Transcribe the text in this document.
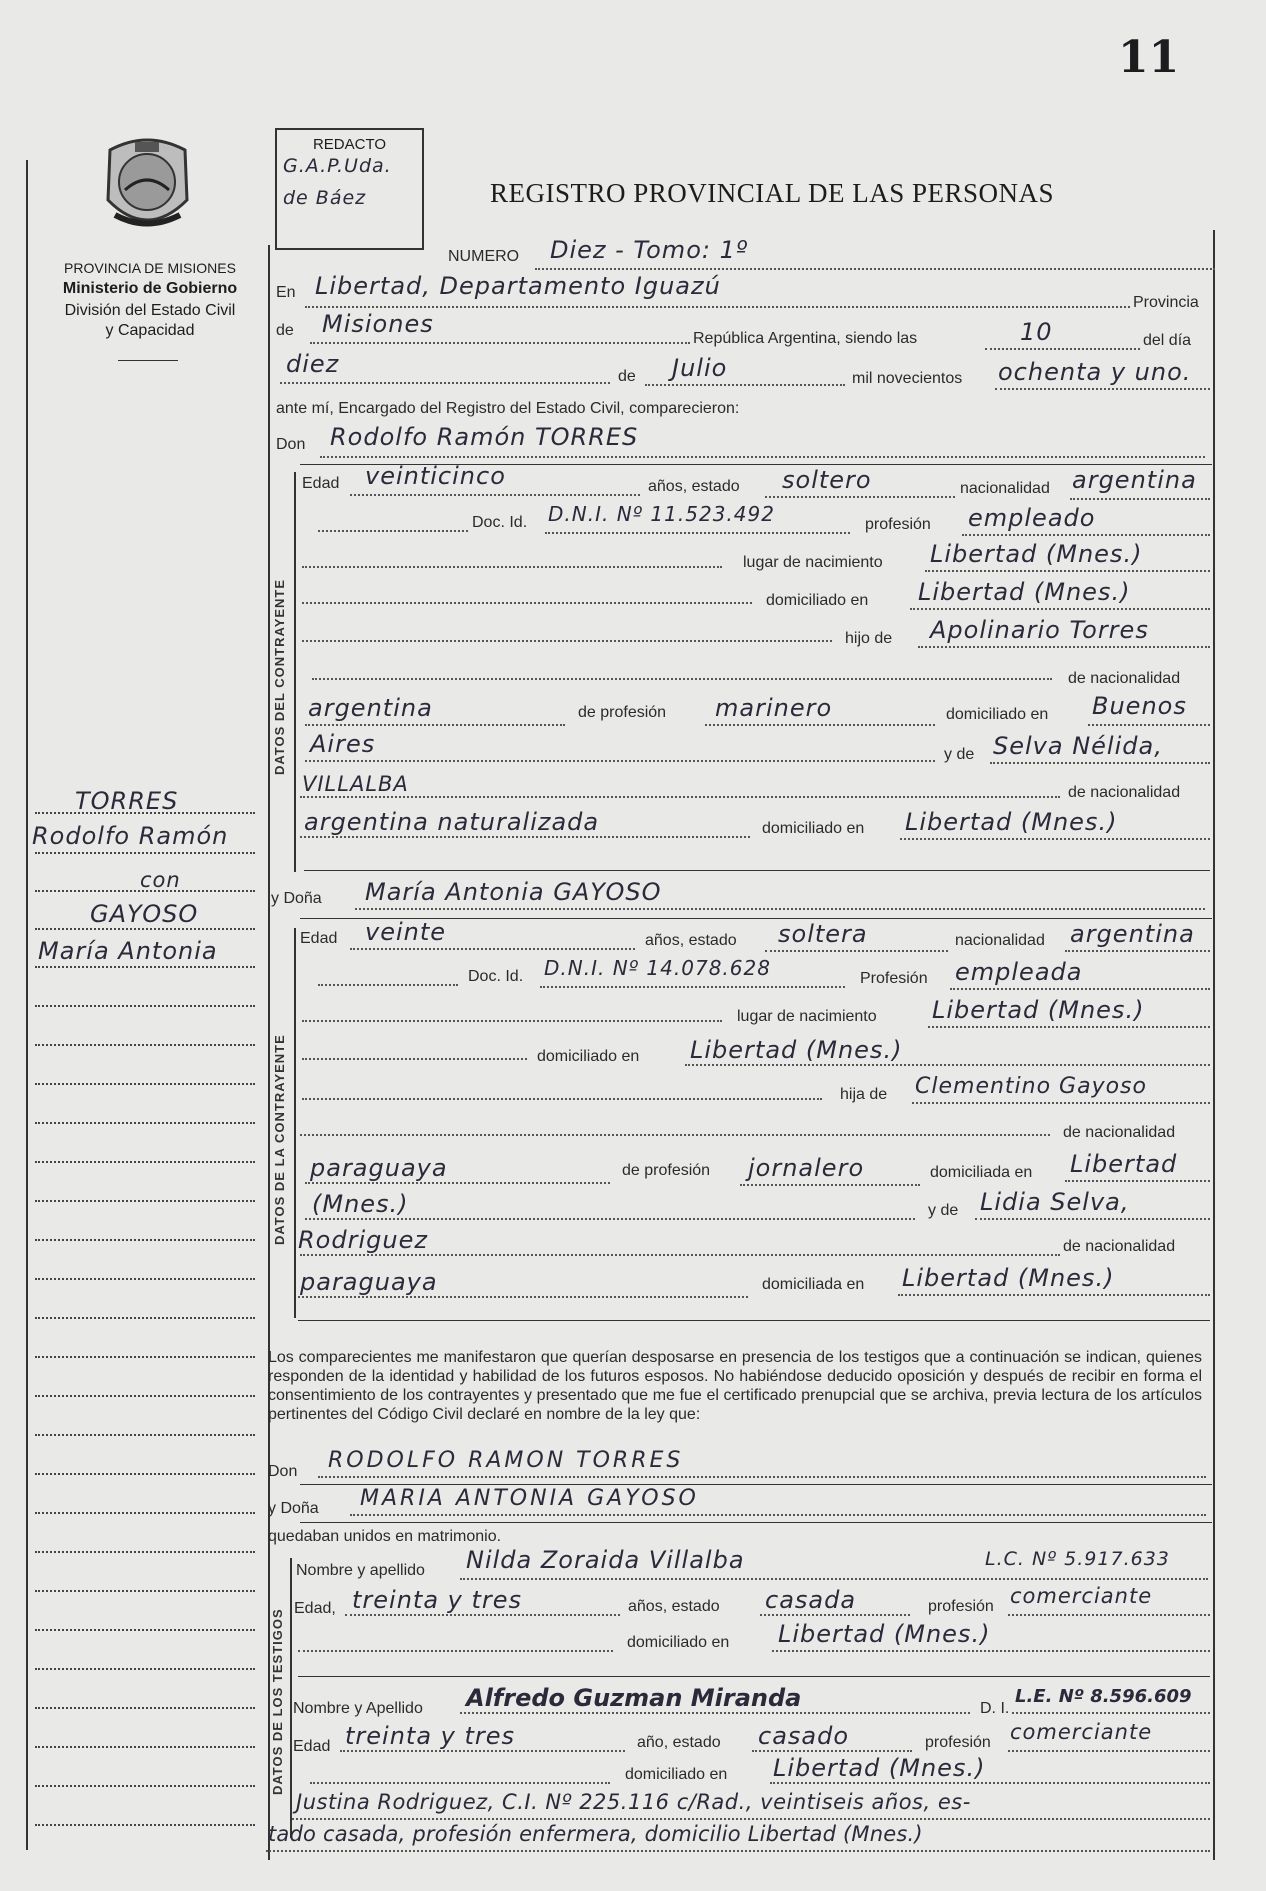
11
PROVINCIA DE MISIONES
Ministerio de Gobierno
División del Estado Civil
y Capacidad
TORRES
Rodolfo Ramón
con
GAYOSO
María Antonia
REDACTO
G.A.P.Uda.
de Báez	REGISTRO PROVINCIAL DE LAS PERSONAS
NUMERO Diez - Tomo: 1º
En Libertad, Departamento Iguazú
Provincia
de Misiones
República Argentina, siendo las	10	del día
diez	de Julio	mil novecientos ochenta y uno.
ante mí, Encargado del Registro del Estado Civil, comparecieron:
Don Rodolfo Ramón TORRES
DATOS DEL CONTRAYENTE
Edad veinticinco	años, estado soltero	nacionalidad argentina
Doc. Id. D.N.I. Nº 11.523.492	profesión empleado
lugar de nacimiento Libertad (Mnes.)
domiciliado en Libertad (Mnes.)
hijo de Apolinario Torres
de nacionalidad
argentina	de profesión marinero	domiciliado en Buenos
Aires	y de Selva Nélida,
VILLALBA	de nacionalidad
argentina naturalizada	domiciliado en Libertad (Mnes.)
y Doña María Antonia GAYOSO
DATOS DE LA CONTRAYENTE
Edad veinte	años, estado soltera	nacionalidad argentina
Doc. Id. D.N.I. Nº 14.078.628	Profesión empleada
lugar de nacimiento Libertad (Mnes.)
domiciliado en Libertad (Mnes.)
hija de Clementino Gayoso
de nacionalidad
paraguaya	de profesión jornalero	domiciliada en Libertad
(Mnes.)	y de Lidia Selva,
Rodriguez	de nacionalidad
paraguaya	domiciliada en Libertad (Mnes.)
Los comparecientes me manifestaron que querían desposarse en presencia de los testigos que a continuación se indican, quienes responden de la identidad y habilidad de los futuros esposos. No habiéndose deducido oposición y después de recibir en forma el consentimiento de los contrayentes y presentado que me fue el certificado prenupcial que se archiva, previa lectura de los artículos pertinentes del Código Civil declaré en nombre de la ley que:
Don RODOLFO RAMON TORRES
y Doña MARIA ANTONIA GAYOSO
quedaban unidos en matrimonio.
DATOS DE LOS TESTIGOS
Nombre y apellido Nilda Zoraida Villalba	L.C. Nº 5.917.633
Edad, treinta y tres	años, estado casada	profesión comerciante
domiciliado en Libertad (Mnes.)
Nombre y Apellido Alfredo Guzman Miranda	D. I.
L.E. Nº 8.596.609
Edad treinta y tres	año, estado casado	profesión comerciante
domiciliado en Libertad (Mnes.)
Justina Rodriguez, C.I. Nº 225.116 c/Rad., veintiseis años, es-
tado casada, profesión enfermera, domicilio Libertad (Mnes.)
